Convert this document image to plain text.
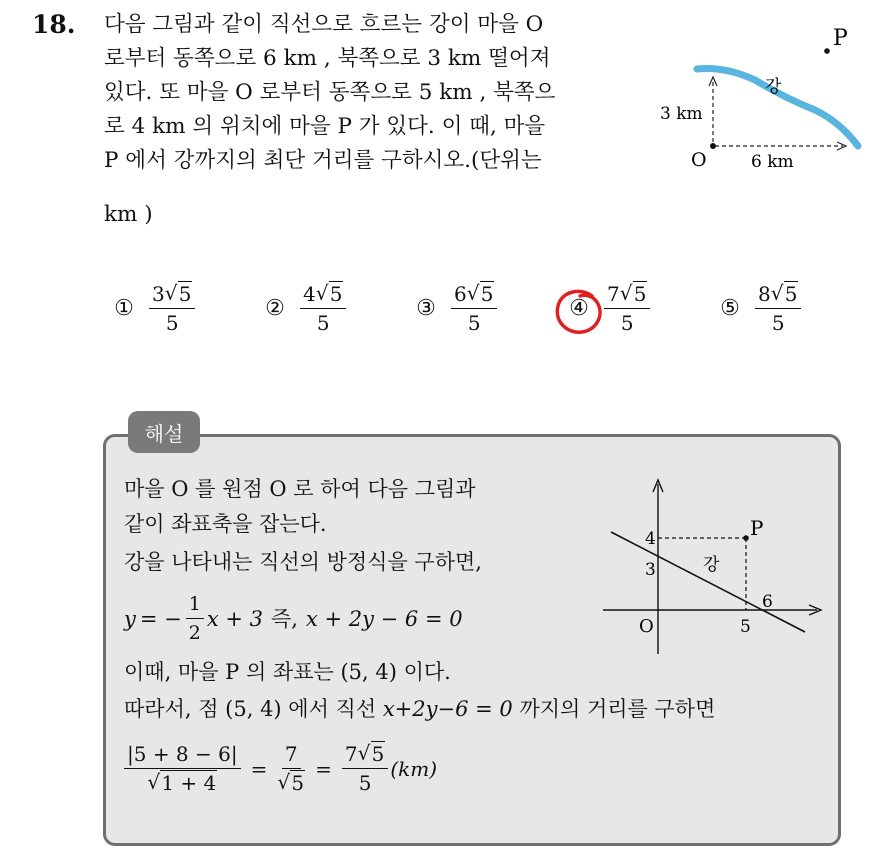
18. 다음 그림과 같이 직선으로 흐르는 강이 마을 O
로부터 동쪽으로 6 km , 북쪽으로 3 km 떨어져
있다. 또 마을 O 로부터 동쪽으로 5 km , 북쪽으
로 4 km 의 위치에 마을 P 가 있다. 이 때, 마을
P 에서 강까지의 최단 거리를 구하시오.(단위는
km )
P
O
강
3 km
6 km
① $\frac{3 √ 5}{5}$	② $\frac{4 √ 5}{5}$	③ $\frac{6 √ 5}{5}$	④ $\frac{7 √ 5}{5}$	⑤ $\frac{8 √ 5}{5}$
해설
마을 O 를 원점 O 로 하여 다음 그림과
같이 좌표축을 잡는다.
강을 나타내는 직선의 방정식을 구하면,
y = − $\frac{1}{2}$ x + 3 즉, x + 2y − 6 = 0
이때, 마을 P 의 좌표는 (5, 4) 이다.
따라서, 점 (5, 4) 에서 직선 x+2y−6 = 0 까지의 거리를 구하면
$\frac{|5 + 8 - 6|}{√ 1 + 4} = \frac{7}{√ 5} = \frac{7 √ 5}{5} (km)$
P
강
4
3
O	5
6
